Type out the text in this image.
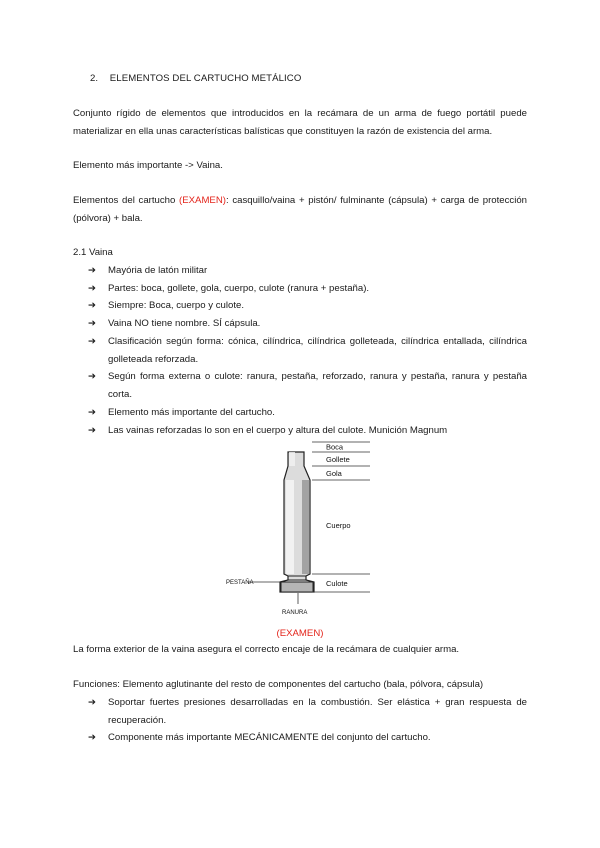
2. ELEMENTOS DEL CARTUCHO METÁLICO
Conjunto rígido de elementos que introducidos en la recámara de un arma de fuego portátil puede materializar en ella unas características balísticas que constituyen la razón de existencia del arma.
Elemento más importante -> Vaina.
Elementos del cartucho (EXAMEN): casquillo/vaina + pistón/ fulminante (cápsula) + carga de protección (pólvora) + bala.
2.1 Vaina
➔ Mayória de latón militar
➔ Partes: boca, gollete, gola, cuerpo, culote (ranura + pestaña).
➔ Siempre: Boca, cuerpo y culote.
➔ Vaina NO tiene nombre. SÍ cápsula.
➔ Clasificación según forma: cónica, cilíndrica, cilíndrica golleteada, cilíndrica entallada, cilíndrica golleteada reforzada.
➔ Según forma externa o culote: ranura, pestaña, reforzado, ranura y pestaña, ranura y pestaña corta.
➔ Elemento más importante del cartucho.
➔ Las vainas reforzadas lo son en el cuerpo y altura del culote. Munición Magnum
Boca
Gollete
Gola
Cuerpo
Culote
PESTAÑA
RANURA
(EXAMEN)
La forma exterior de la vaina asegura el correcto encaje de la recámara de cualquier arma.
Funciones: Elemento aglutinante del resto de componentes del cartucho (bala, pólvora, cápsula)
➔ Soportar fuertes presiones desarrolladas en la combustión. Ser elástica + gran respuesta de recuperación.
➔ Componente más importante MECÁNICAMENTE del conjunto del cartucho.
